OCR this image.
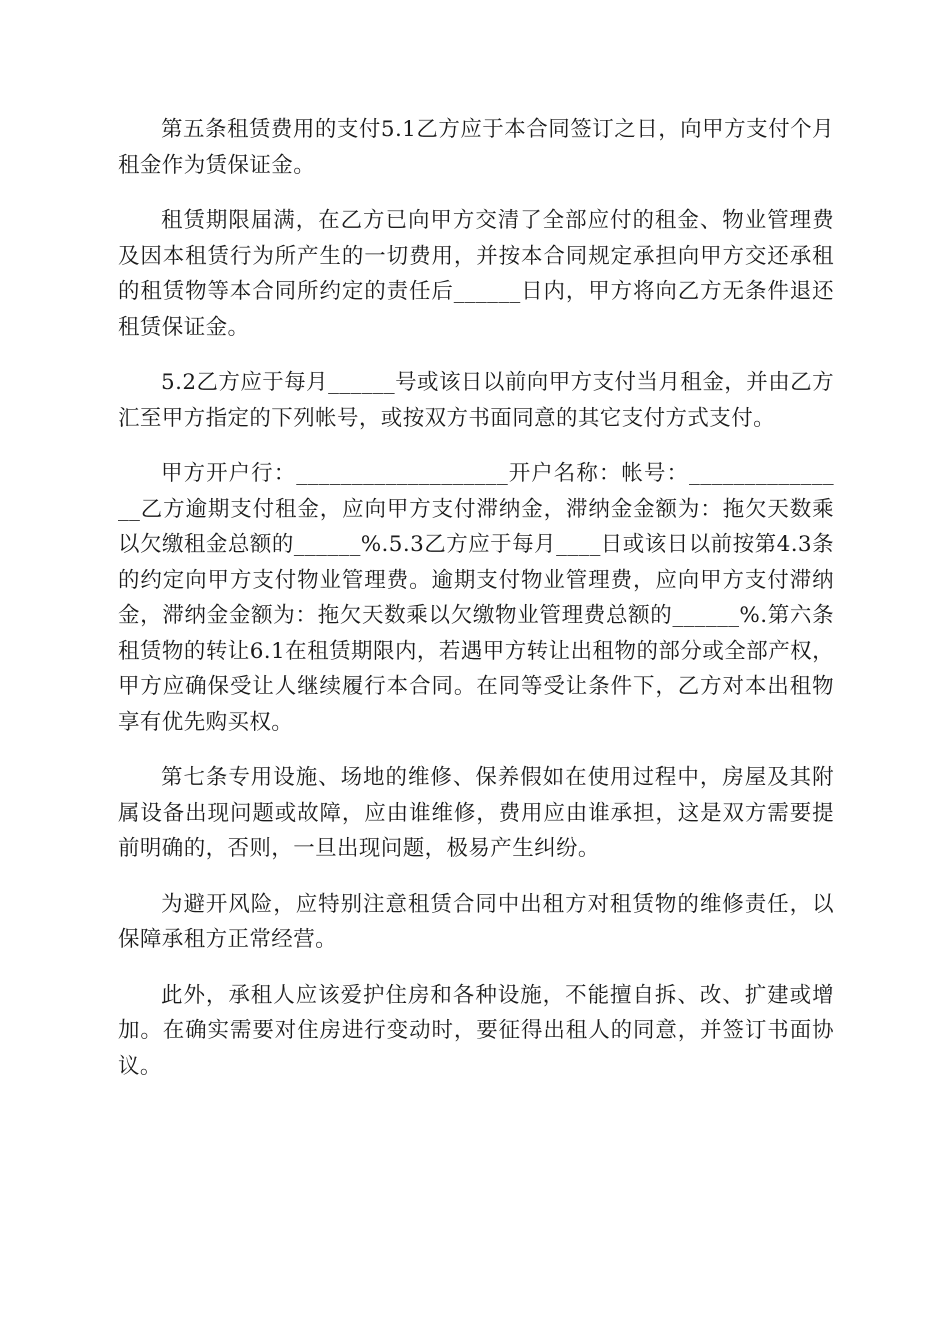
第五条租赁费用的支付5.1乙方应于本合同签订之日，向甲方支付个月租金作为赁保证金。

租赁期限届满，在乙方已向甲方交清了全部应付的租金、物业管理费及因本租赁行为所产生的一切费用，并按本合同规定承担向甲方交还承租的租赁物等本合同所约定的责任后______日内，甲方将向乙方无条件退还租赁保证金。

5.2乙方应于每月______号或该日以前向甲方支付当月租金，并由乙方汇至甲方指定的下列帐号，或按双方书面同意的其它支付方式支付。

甲方开户行：___________________开户名称：帐号：_______________乙方逾期支付租金，应向甲方支付滞纳金，滞纳金金额为：拖欠天数乘以欠缴租金总额的______%.5.3乙方应于每月____日或该日以前按第4.3条的约定向甲方支付物业管理费。逾期支付物业管理费，应向甲方支付滞纳金，滞纳金金额为：拖欠天数乘以欠缴物业管理费总额的______%.第六条租赁物的转让6.1在租赁期限内，若遇甲方转让出租物的部分或全部产权，甲方应确保受让人继续履行本合同。在同等受让条件下，乙方对本出租物享有优先购买权。

第七条专用设施、场地的维修、保养假如在使用过程中，房屋及其附属设备出现问题或故障，应由谁维修，费用应由谁承担，这是双方需要提前明确的，否则，一旦出现问题，极易产生纠纷。

为避开风险，应特别注意租赁合同中出租方对租赁物的维修责任，以保障承租方正常经营。

此外，承租人应该爱护住房和各种设施，不能擅自拆、改、扩建或增加。在确实需要对住房进行变动时，要征得出租人的同意，并签订书面协议。
